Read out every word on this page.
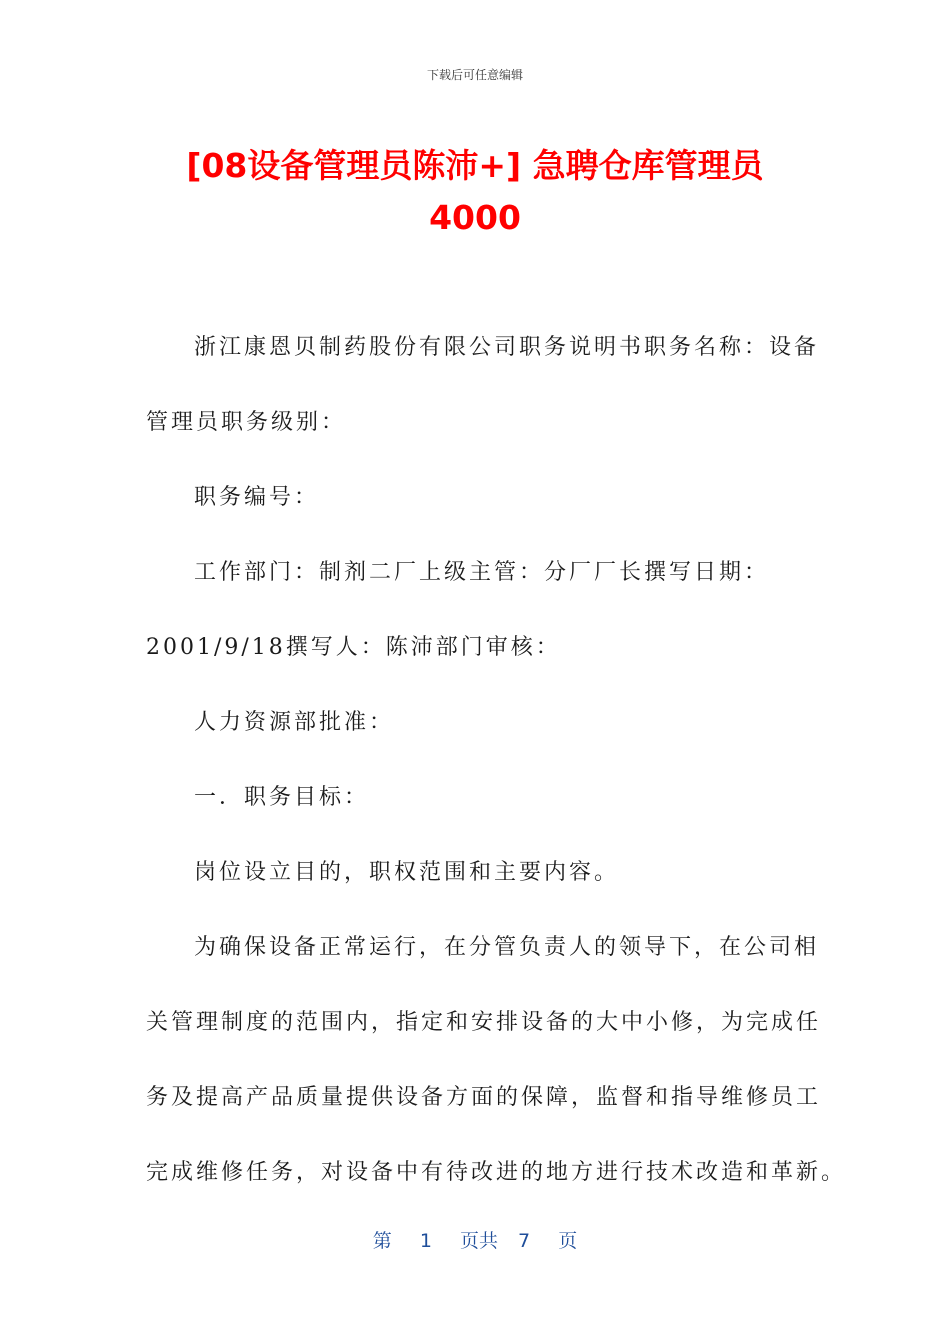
下载后可任意编辑
[08设备管理员陈沛+] 急聘仓库管理员
4000
浙江康恩贝制药股份有限公司职务说明书职务名称：设备
管理员职务级别：
职务编号：
工作部门：制剂二厂上级主管：分厂厂长撰写日期：
2001/9/18撰写人：陈沛部门审核：
人力资源部批准：
一．职务目标：
岗位设立目的，职权范围和主要内容。
为确保设备正常运行，在分管负责人的领导下，在公司相
关管理制度的范围内，指定和安排设备的大中小修，为完成任
务及提高产品质量提供设备方面的保障，监督和指导维修员工
完成维修任务，对设备中有待改进的地方进行技术改造和革新。
第 1 页共 7 页
